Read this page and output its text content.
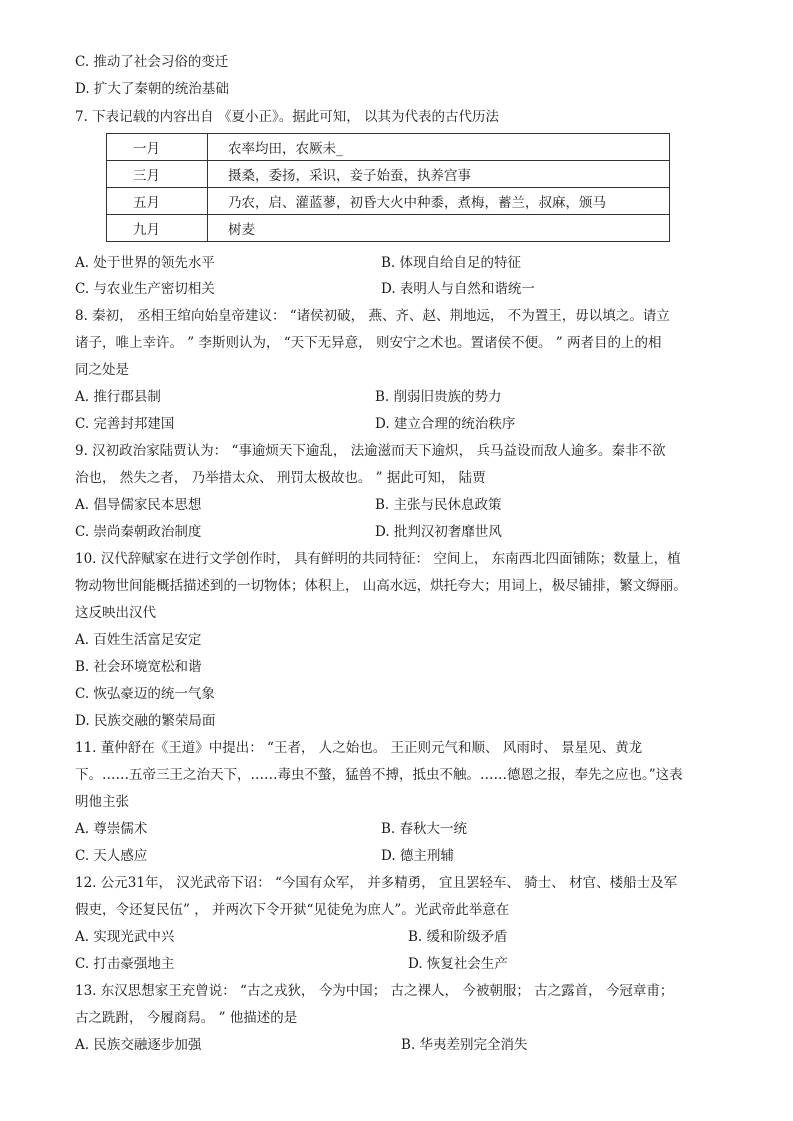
C. 推动了社会习俗的变迁
D. 扩大了秦朝的统治基础
7. 下表记载的内容出自 《夏小正》。据此可知， 以其为代表的古代历法
一月	农率均田，农厥未_
三月	摄桑，委扬，采识，妾子始蚕，执养宫事
五月	乃农，启、灌蓝蓼，初昏大火中种黍，煮梅，蓄兰，叔麻，颁马
九月	树麦
A. 处于世界的领先水平	B. 体现自给自足的特征
C. 与农业生产密切相关	D. 表明人与自然和谐统一
8. 秦初， 丞相王绾向始皇帝建议： “诸侯初破， 燕、齐、赵、荆地远， 不为置王，毋以填之。请立
诸子，唯上幸许。 ” 李斯则认为， “天下无异意， 则安宁之术也。置诸侯不便。 ” 两者目的上的相
同之处是
A. 推行郡县制	B. 削弱旧贵族的势力
C. 完善封邦建国	D. 建立合理的统治秩序
9. 汉初政治家陆贾认为： “事逾烦天下逾乱， 法逾滋而天下逾炽， 兵马益设而敌人逾多。秦非不欲
治也， 然失之者， 乃举措太众、 刑罚太极故也。 ” 据此可知， 陆贾
A. 倡导儒家民本思想	B. 主张与民休息政策
C. 崇尚秦朝政治制度	D. 批判汉初奢靡世风
10. 汉代辞赋家在进行文学创作时， 具有鲜明的共同特征： 空间上， 东南西北四面铺陈；数量上，植
物动物世间能概括描述到的一切物体；体积上， 山高水远，烘托夸大；用词上，极尽铺排，繁文缛丽。
这反映出汉代
A. 百姓生活富足安定
B. 社会环境宽松和谐
C. 恢弘豪迈的统一气象
D. 民族交融的繁荣局面
11. 董仲舒在《王道》中提出： “王者， 人之始也。 王正则元气和顺、 风雨时、 景星见、黄龙
下。……五帝三王之治天下，……毒虫不螫，猛兽不搏，抵虫不触。……德恩之报，奉先之应也。”这表
明他主张
A. 尊崇儒术	B. 春秋大一统
C. 天人感应	D. 德主刑辅
12. 公元31年， 汉光武帝下诏： “今国有众军， 并多精勇， 宜且罢轻车、 骑士、 材官、楼船士及军
假吏，令还复民伍” ， 并两次下令开狱“见徒免为庶人”。光武帝此举意在
A. 实现光武中兴	B. 缓和阶级矛盾
C. 打击豪强地主	D. 恢复社会生产
13. 东汉思想家王充曾说： “古之戎狄， 今为中国； 古之裸人， 今被朝服； 古之露首， 今冠章甫；
古之跣跗， 今履商舄。 ” 他描述的是
A. 民族交融逐步加强	B. 华夷差别完全消失
